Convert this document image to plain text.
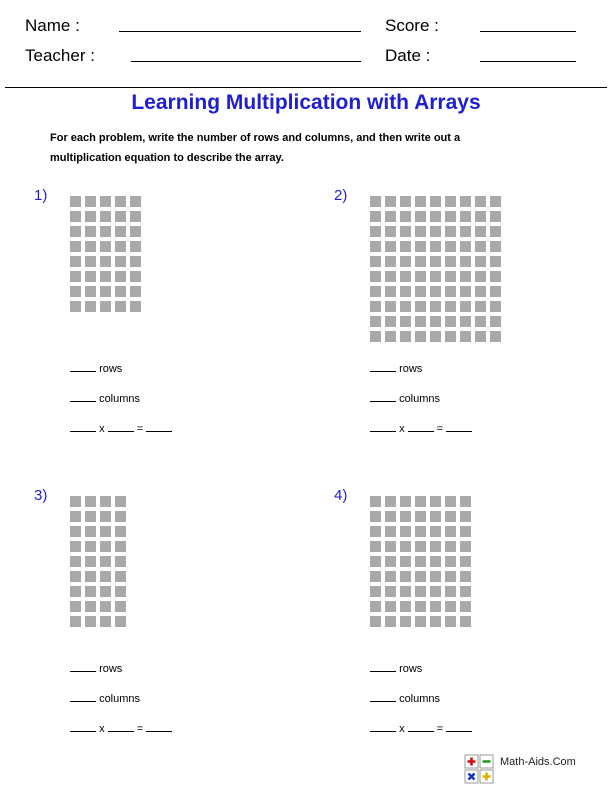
Name :	Score :
Teacher :	Date :
Learning Multiplication with Arrays
For each problem, write the number of rows and columns, and then write out a multiplication equation to describe the array.
1)
rows
columns
x	=
2)
rows
columns
x	=
3)
rows
columns
x	=
4)
rows
columns
x	=
Math-Aids.Com
